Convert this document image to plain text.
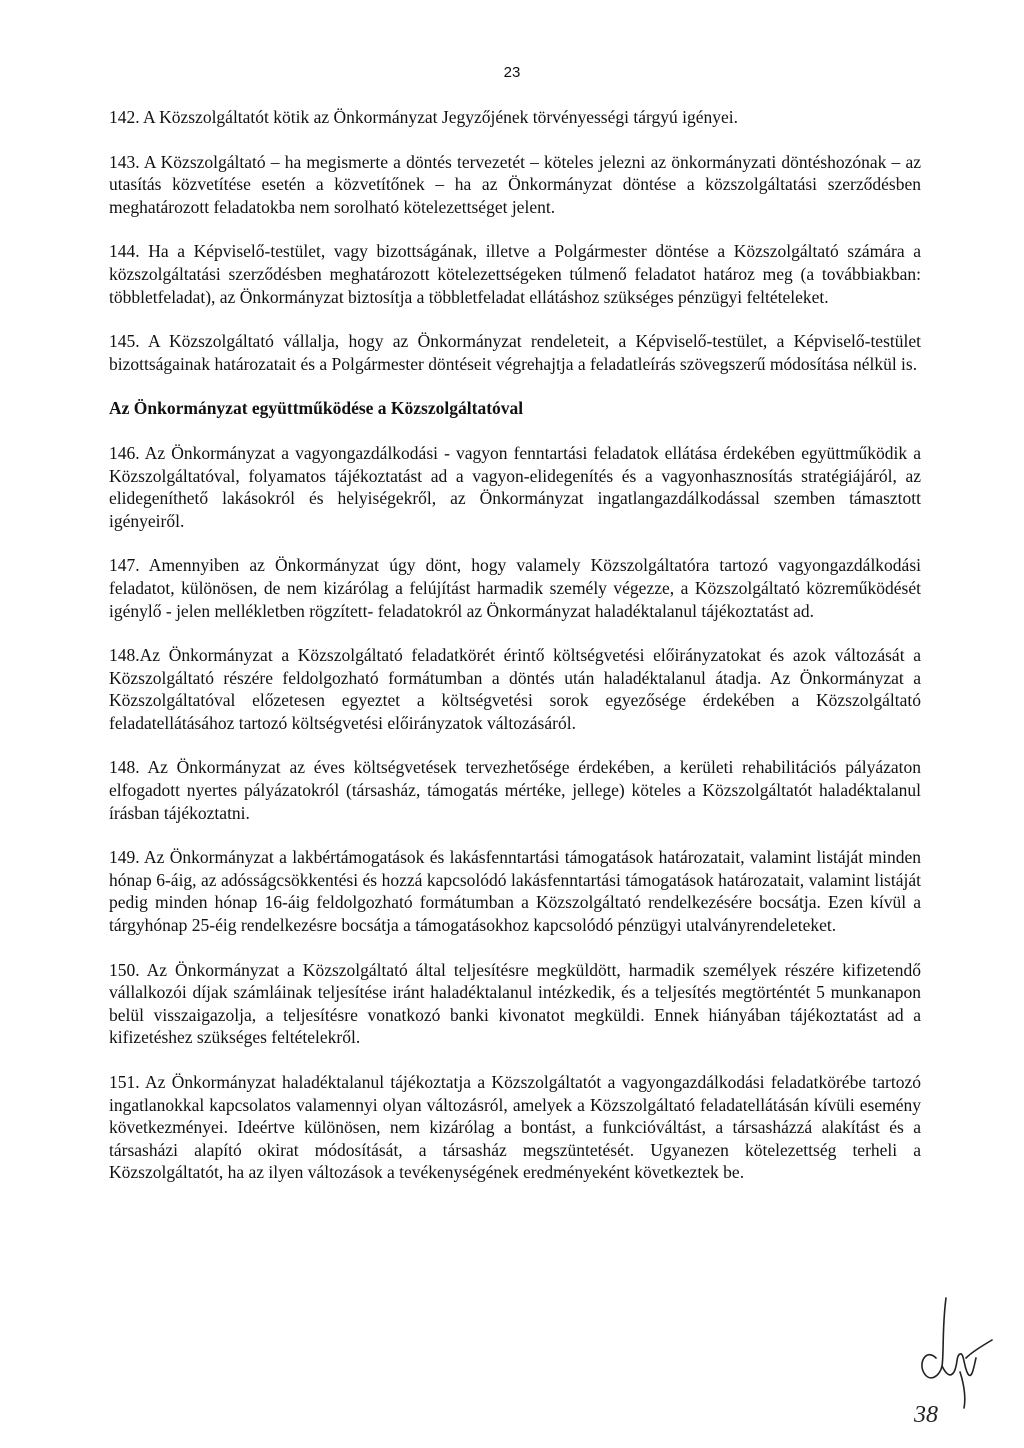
23

142. A Közszolgáltatót kötik az Önkormányzat Jegyzőjének törvényességi tárgyú igényei.

143. A Közszolgáltató – ha megismerte a döntés tervezetét – köteles jelezni az önkormányzati döntéshozónak – az utasítás közvetítése esetén a közvetítőnek – ha az Önkormányzat döntése a közszolgáltatási szerződésben meghatározott feladatokba nem sorolható kötelezettséget jelent.

144. Ha a Képviselő-testület, vagy bizottságának, illetve a Polgármester döntése a Közszolgáltató számára a közszolgáltatási szerződésben meghatározott kötelezettségeken túlmenő feladatot határoz meg (a továbbiakban: többletfeladat), az Önkormányzat biztosítja a többletfeladat ellátáshoz szükséges pénzügyi feltételeket.

145. A Közszolgáltató vállalja, hogy az Önkormányzat rendeleteit, a Képviselő-testület, a Képviselő-testület bizottságainak határozatait és a Polgármester döntéseit végrehajtja a feladatleírás szövegszerű módosítása nélkül is.

Az Önkormányzat együttműködése a Közszolgáltatóval

146. Az Önkormányzat a vagyongazdálkodási - vagyon fenntartási feladatok ellátása érdekében együttműködik a Közszolgáltatóval, folyamatos tájékoztatást ad a vagyon-elidegenítés és a vagyonhasznosítás stratégiájáról, az elidegeníthető lakásokról és helyiségekről, az Önkormányzat ingatlangazdálkodással szemben támasztott igényeiről.

147. Amennyiben az Önkormányzat úgy dönt, hogy valamely Közszolgáltatóra tartozó vagyongazdálkodási feladatot, különösen, de nem kizárólag a felújítást harmadik személy végezze, a Közszolgáltató közreműködését igénylő - jelen mellékletben rögzített- feladatokról az Önkormányzat haladéktalanul tájékoztatást ad.

148.Az Önkormányzat a Közszolgáltató feladatkörét érintő költségvetési előirányzatokat és azok változását a Közszolgáltató részére feldolgozható formátumban a döntés után haladéktalanul átadja. Az Önkormányzat a Közszolgáltatóval előzetesen egyeztet a költségvetési sorok egyezősége érdekében a Közszolgáltató feladatellátásához tartozó költségvetési előirányzatok változásáról.

148. Az Önkormányzat az éves költségvetések tervezhetősége érdekében, a kerületi rehabilitációs pályázaton elfogadott nyertes pályázatokról (társasház, támogatás mértéke, jellege) köteles a Közszolgáltatót haladéktalanul írásban tájékoztatni.

149. Az Önkormányzat a lakbértámogatások és lakásfenntartási támogatások határozatait, valamint listáját minden hónap 6-áig, az adósságcsökkentési és hozzá kapcsolódó lakásfenntartási támogatások határozatait, valamint listáját pedig minden hónap 16-áig feldolgozható formátumban a Közszolgáltató rendelkezésére bocsátja. Ezen kívül a tárgyhónap 25-éig rendelkezésre bocsátja a támogatásokhoz kapcsolódó pénzügyi utalványrendeleteket.

150. Az Önkormányzat a Közszolgáltató által teljesítésre megküldött, harmadik személyek részére kifizetendő vállalkozói díjak számláinak teljesítése iránt haladéktalanul intézkedik, és a teljesítés megtörténtét 5 munkanapon belül visszaigazolja, a teljesítésre vonatkozó banki kivonatot megküldi. Ennek hiányában tájékoztatást ad a kifizetéshez szükséges feltételekről.

151. Az Önkormányzat haladéktalanul tájékoztatja a Közszolgáltatót a vagyongazdálkodási feladatkörébe tartozó ingatlanokkal kapcsolatos valamennyi olyan változásról, amelyek a Közszolgáltató feladatellátásán kívüli esemény következményei. Ideértve különösen, nem kizárólag a bontást, a funkcióváltást, a társasházzá alakítást és a társasházi alapító okirat módosítását, a társasház megszüntetését. Ugyanezen kötelezettség terheli a Közszolgáltatót, ha az ilyen változások a tevékenységének eredményeként következtek be.

38
